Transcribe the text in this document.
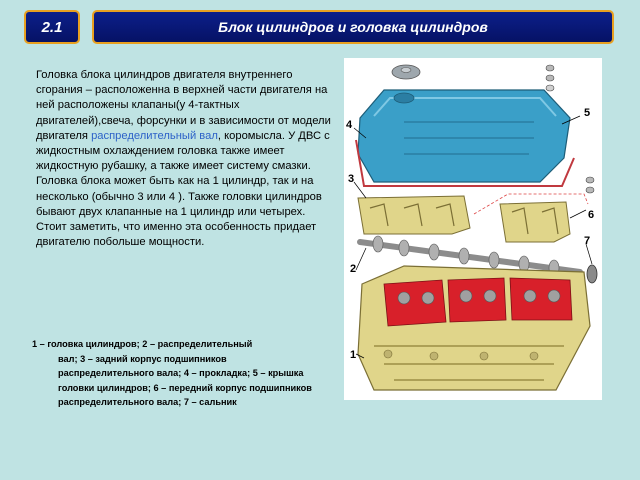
2.1	Блок цилиндров и головка цилиндров
Головка блока цилиндров двигателя внутреннего сгорания – расположенна в верхней части двигателя на ней расположены клапаны(у 4-тактных двигателей),свеча, форсунки и в зависимости от модели двигателя распределительный вал, коромысла. У ДВС с жидкостным охлаждением головка также имеет жидкостную рубашку, а также имеет систему смазки. Головка блока может быть как на 1 цилиндр, так и на несколько (обычно 3 или 4 ). Также головки цилиндров бывают двух клапанные на 1 цилиндр или четырех. Стоит заметить, что именно эта особенность придает двигателю побольше мощности.
1 – головка цилиндров; 2 – распределительный
вал; 3 – задний корпус подшипников распределительного вала; 4 – прокладка; 5 – крышка головки цилиндров; 6 – передний корпус подшипников распределительного вала; 7 – сальник
4
5
3
6
7
2
1
